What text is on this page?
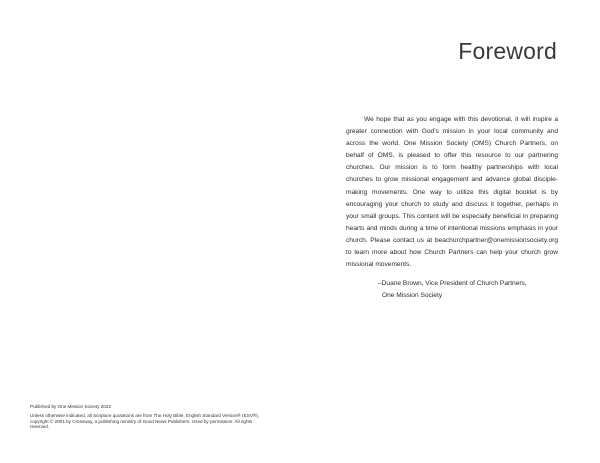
Published by One Mission Society 2022

Unless otherwise indicated, all Scripture quotations are from The Holy Bible, English Standard Version® (ESV®), copyright © 2001 by Crossway, a publishing ministry of Good News Publishers. Used by permission. All rights reserved.

Foreword

We hope that as you engage with this devotional, it will inspire a greater connection with God’s mission in your local community and across the world. One Mission Society (OMS) Church Partners, on behalf of OMS, is pleased to offer this resource to our partnering churches. Our mission is to form healthy partnerships with local churches to grow missional engagement and advance global disciple-making movements. One way to utilize this digital booklet is by encouraging your church to study and discuss it together, perhaps in your small groups. This content will be especially beneficial in preparing hearts and minds during a time of intentional missions emphasis in your church. Please contact us at beachurchpartner@onemissionsociety.org to learn more about how Church Partners can help your church grow missional movements.

–Duane Brown, Vice President of Church Partners,
One Mission Society
